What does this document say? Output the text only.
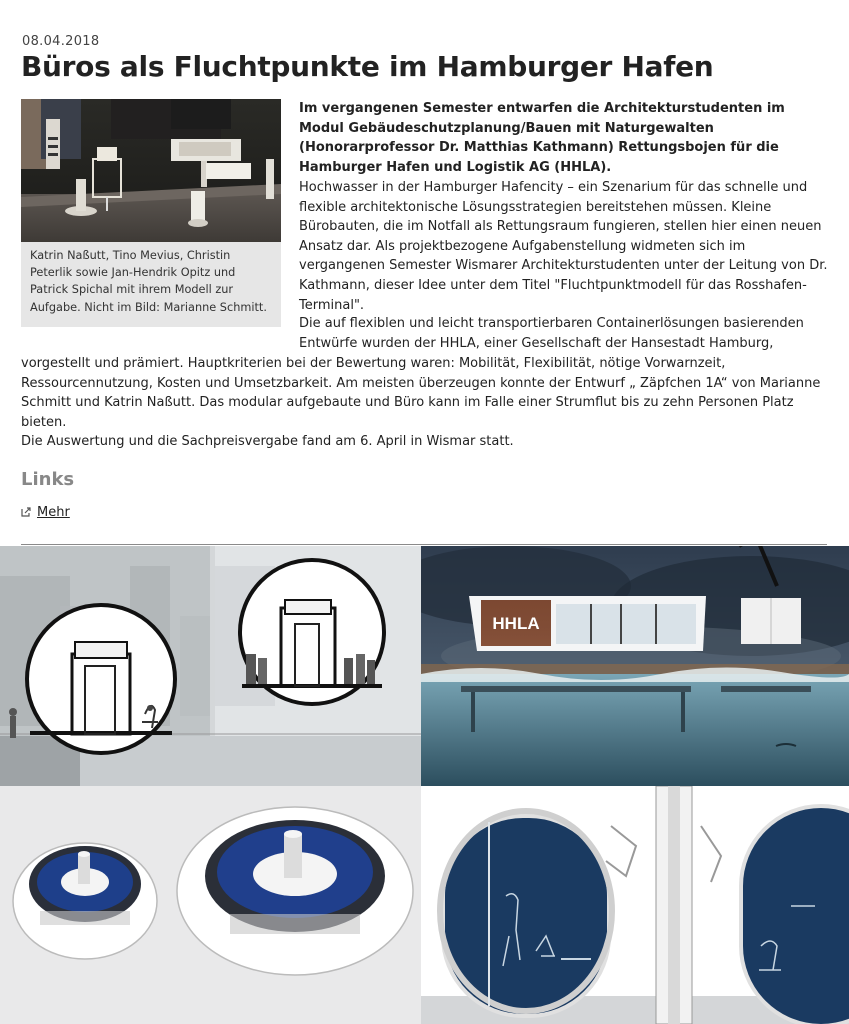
08.04.2018
Büros als Fluchtpunkte im Hamburger Hafen
Katrin Naßutt, Tino Mevius, Christin Peterlik sowie Jan-Hendrik Opitz und Patrick Spichal mit ihrem Modell zur Aufgabe. Nicht im Bild: Marianne Schmitt.
Im vergangenen Semester entwarfen die Architekturstudenten im Modul Gebäudeschutzplanung/Bauen mit Naturgewalten (Honorarprofessor Dr. Matthias Kathmann) Rettungsbojen für die Hamburger Hafen und Logistik AG (HHLA).
Hochwasser in der Hamburger Hafencity – ein Szenarium für das schnelle und flexible architektonische Lösungsstrategien bereitstehen müssen. Kleine Bürobauten, die im Notfall als Rettungsraum fungieren, stellen hier einen neuen Ansatz dar. Als projektbezogene Aufgabenstellung widmeten sich im vergangenen Semester Wismarer Architekturstudenten unter der Leitung von Dr. Kathmann, dieser Idee unter dem Titel "Fluchtpunktmodell für das Rosshafen-Terminal".
Die auf flexiblen und leicht transportierbaren Containerlösungen basierenden Entwürfe wurden der HHLA, einer Gesellschaft der Hansestadt Hamburg,
vorgestellt und prämiert. Hauptkriterien bei der Bewertung waren: Mobilität, Flexibilität, nötige Vorwarnzeit, Ressourcennutzung, Kosten und Umsetzbarkeit. Am meisten überzeugen konnte der Entwurf „ Zäpfchen 1A“ von Marianne Schmitt und Katrin Naßutt. Das modular aufgebaute und Büro kann im Falle einer Strumflut bis zu zehn Personen Platz bieten.
Die Auswertung und die Sachpreisvergabe fand am 6. April in Wismar statt.
Links
Mehr
HHLA
